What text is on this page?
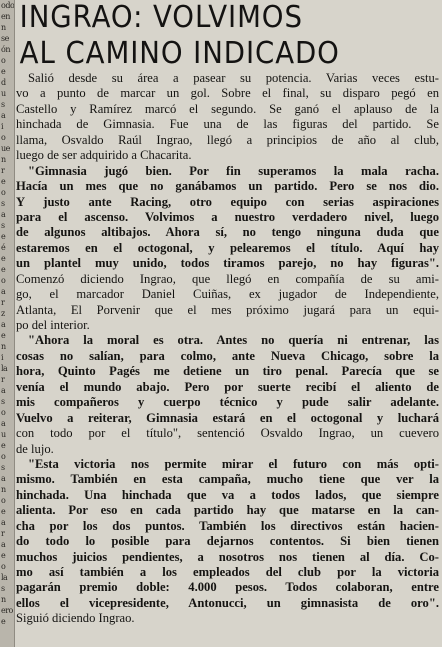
odo
en
n
se
ón
o
e
d
u
s
a
i
o
ue
n
r
e
o
s
a
s
e
é
e
e
o
a
r
z
a
e
n
i
la
r
a
s
o
a
u
e
o
s
a
n
o
e
a
r
a
e
o
la
s
n
ero
e
INGRAO: VOLVIMOS
AL CAMINO INDICADO
Salió desde su área a pasear su potencia. Varias veces estu-
vo a punto de marcar un gol. Sobre el final, su disparo pegó en
Castello y Ramírez marcó el segundo. Se ganó el aplauso de la
hinchada de Gimnasia. Fue una de las figuras del partido. Se
llama, Osvaldo Raúl Ingrao, llegó a principios de año al club,
luego de ser adquirido a Chacarita.
"Gimnasia jugó bien. Por fin superamos la mala racha.
Hacía un mes que no ganábamos un partido. Pero se nos dio.
Y justo ante Racing, otro equipo con serias aspiraciones
para el ascenso. Volvimos a nuestro verdadero nivel, luego
de algunos altibajos. Ahora sí, no tengo ninguna duda que
estaremos en el octogonal, y pelearemos el título. Aquí hay
un plantel muy unido, todos tiramos parejo, no hay figuras".
Comenzó diciendo Ingrao, que llegó en compañía de su ami-
go, el marcador Daniel Cuiñas, ex jugador de Independiente,
Atlanta, El Porvenir que el mes próximo jugará para un equi-
po del interior.
"Ahora la moral es otra. Antes no quería ni entrenar, las
cosas no salían, para colmo, ante Nueva Chicago, sobre la
hora, Quinto Pagés me detiene un tiro penal. Parecía que se
venía el mundo abajo. Pero por suerte recibí el aliento de
mis compañeros y cuerpo técnico y pude salir adelante.
Vuelvo a reiterar, Gimnasia estará en el octogonal y luchará
con todo por el título", sentenció Osvaldo Ingrao, un cuevero
de lujo.
"Esta victoria nos permite mirar el futuro con más opti-
mismo. También en esta campaña, mucho tiene que ver la
hinchada. Una hinchada que va a todos lados, que siempre
alienta. Por eso en cada partido hay que matarse en la can-
cha por los dos puntos. También los directivos están hacien-
do todo lo posible para dejarnos contentos. Si bien tienen
muchos juicios pendientes, a nosotros nos tienen al día. Co-
mo así también a los empleados del club por la victoria
pagarán premio doble: 4.000 pesos. Todos colaboran, entre
ellos el vicepresidente, Antonucci, un gimnasista de oro".
Siguió diciendo Ingrao.
